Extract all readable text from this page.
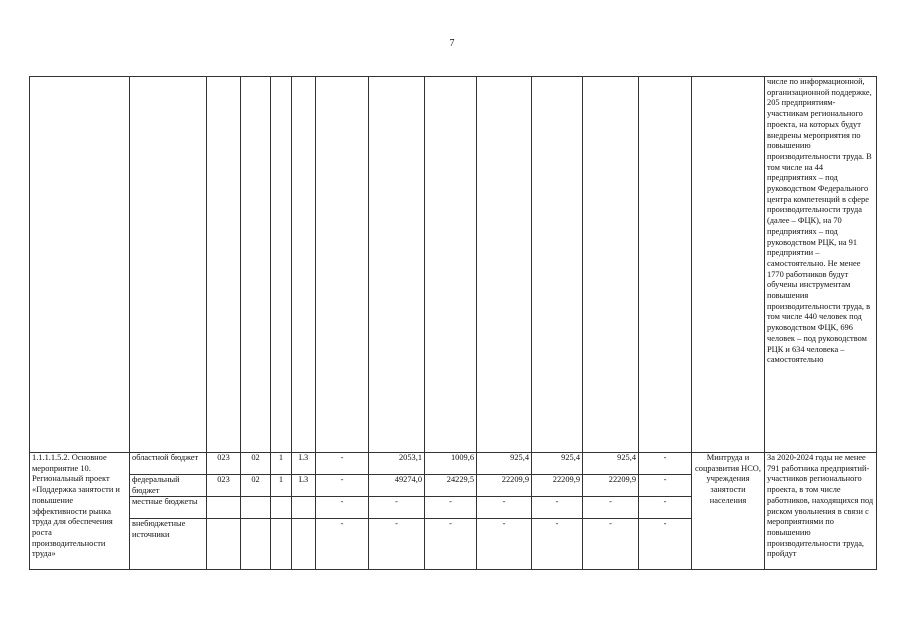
7
														числе по информационной, организационной поддержке, 205 предприятиям-участникам регионального проекта, на которых будут внедрены мероприятия по повышению производительности труда. В том числе на 44 предприятиях – под руководством Федерального центра компетенций в сфере производительности труда (далее – ФЦК), на 70 предприятиях – под руководством РЦК, на 91 предприятии – самостоятельно. Не менее 1770 работников будут обучены инструментам повышения производительности труда, в том числе 440 человек под руководством ФЦК, 696 человек – под руководством РЦК и 634 человека – самостоятельно
1.1.1.1.5.2. Основное мероприятие 10. Региональный проект «Поддержка занятости и повышение эффективности рынка труда для обеспечения роста производительности труда»	областной бюджет	023	02	1	L3	-	2053,1	1009,6	925,4	925,4	925,4	-	Минтруда и соцразвития НСО, учреждения занятости населения	За 2020-2024 годы не менее 791 работника предприятий-участников регионального проекта, в том числе работников, находящихся под риском увольнения в связи с мероприятиями по повышению производительности труда, пройдут
	федеральный бюджет	023	02	1	L3	-	49274,0	24229,5	22209,9	22209,9	22209,9	-		
	местные бюджеты					-	-	-	-	-	-	-		
	внебюджетные источники					-	-	-	-	-	-	-		
